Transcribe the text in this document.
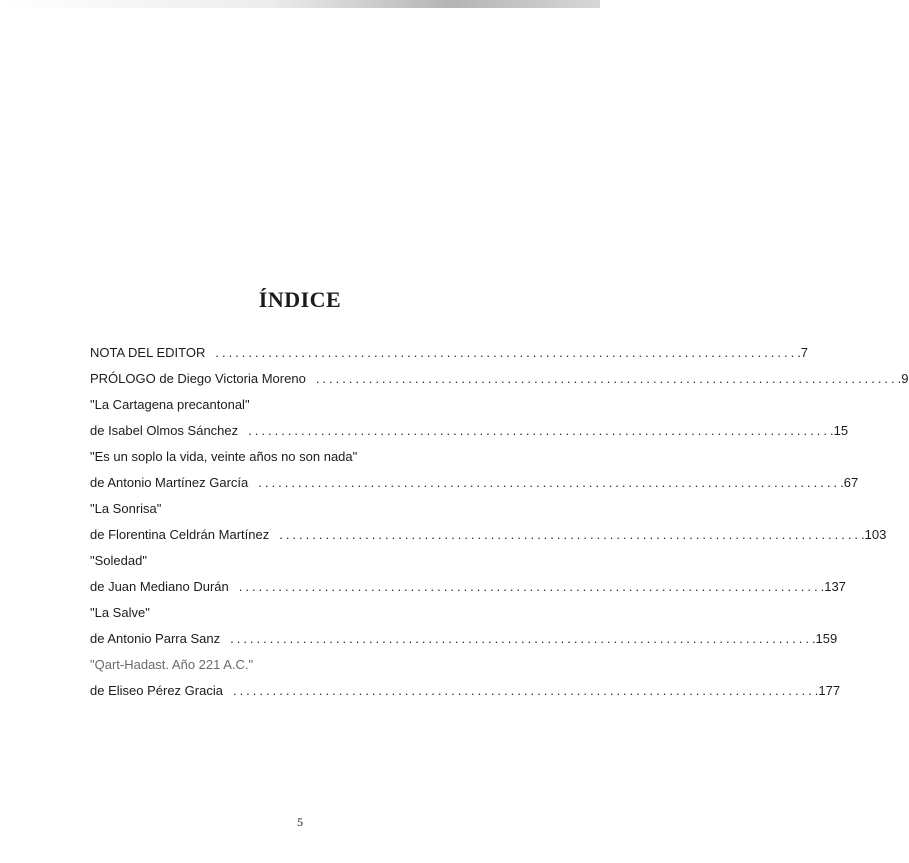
ÍNDICE
NOTA DEL EDITOR ........................................................................................ .7
PRÓLOGO de Diego Victoria Moreno ........................................................................................ .9
"La Cartagena precantonal"
de Isabel Olmos Sánchez ........................................................................................ .15
"Es un soplo la vida, veinte años no son nada"
de Antonio Martínez García ........................................................................................ .67
"La Sonrisa"
de Florentina Celdrán Martínez ........................................................................................ .103
"Soledad"
de Juan Mediano Durán ........................................................................................ .137
"La Salve"
de Antonio Parra Sanz ........................................................................................ .159
"Qart-Hadast. Año 221 A.C."
de Eliseo Pérez Gracia ........................................................................................ .177
5
